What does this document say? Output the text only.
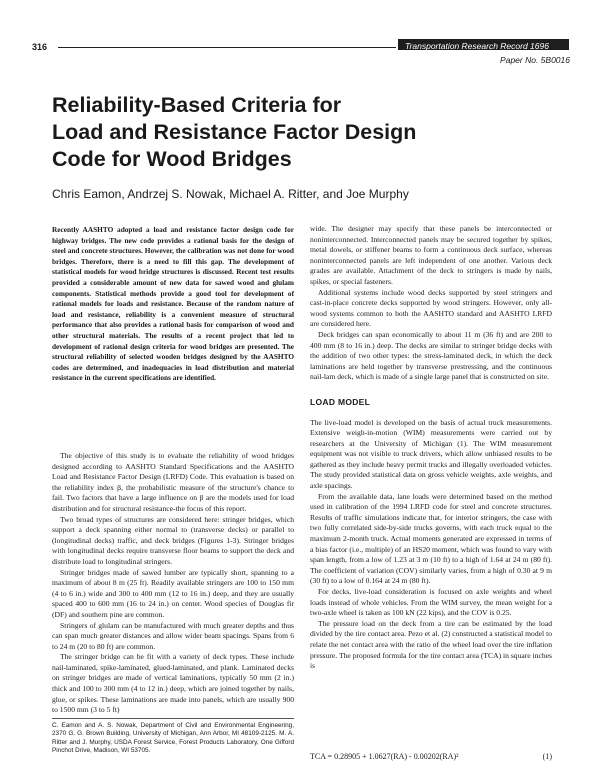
316	Transportation Research Record 1696
Paper No. 5B0016
Reliability-Based Criteria for
Load and Resistance Factor Design
Code for Wood Bridges
Chris Eamon, Andrzej S. Nowak, Michael A. Ritter, and Joe Murphy

Recently AASHTO adopted a load and resistance factor design code for highway bridges. The new code provides a rational basis for the design of steel and concrete structures. However, the calibration was not done for wood bridges. Therefore, there is a need to fill this gap. The development of statistical models for wood bridge structures is discussed. Recent test results provided a considerable amount of new data for sawed wood and glulam components. Statistical methods provide a good tool for development of rational models for loads and resistance. Because of the random nature of load and resistance, reliability is a convenient measure of structural performance that also provides a rational basis for comparison of wood and other structural materials. The results of a recent project that led to development of rational design criteria for wood bridges are presented. The structural reliability of selected wooden bridges designed by the AASHTO codes are determined, and inadequacies in load distribution and material resistance in the current specifications are identified.

The objective of this study is to evaluate the reliability of wood bridges designed according to AASHTO Standard Specifications and the AASHTO Load and Resistance Factor Design (LRFD) Code. This evaluation is based on the reliability index β, the probabilistic measure of the structure's chance to fail. Two factors that have a large influence on β are the models used for load distribution and for structural resistance-the focus of this report.

Two broad types of structures are considered here: stringer bridges, which support a deck spanning either normal to (transverse decks) or parallel to (longitudinal decks) traffic, and deck bridges (Figures 1-3). Stringer bridges with longitudinal decks require transverse floor beams to support the deck and distribute load to longitudinal stringers.

Stringer bridges made of sawed lumber are typically short, spanning to a maximum of about 8 m (25 ft). Readily available stringers are 100 to 150 mm (4 to 6 in.) wide and 300 to 400 mm (12 to 16 in.) deep, and they are usually spaced 400 to 600 mm (16 to 24 in.) on center. Wood species of Douglas fir (DF) and southern pine are common.

Stringers of glulam can be manufactured with much greater depths and thus can span much greater distances and allow wider beam spacings. Spans from 6 to 24 m (20 to 80 ft) are common.

The stringer bridge can be fit with a variety of deck types. These include nail-laminated, spike-laminated, glued-laminated, and plank. Laminated decks on stringer bridges are made of vertical laminations, typically 50 mm (2 in.) thick and 100 to 300 mm (4 to 12 in.) deep, which are joined together by nails, glue, or spikes. These laminations are made into panels, which are usually 900 to 1500 mm (3 to 5 ft)

wide. The designer may specify that these panels be interconnected or noninterconnected. Interconnected panels may be secured together by spikes, metal dowels, or stiffener beams to form a continuous deck surface, whereas noninterconnected panels are left independent of one another. Various deck grades are available. Attachment of the deck to stringers is made by nails, spikes, or special fasteners.

Additional systems include wood decks supported by steel stringers and cast-in-place concrete decks supported by wood stringers. However, only all-wood systems common to both the AASHTO standard and AASHTO LRFD are considered here.

Deck bridges can span economically to about 11 m (36 ft) and are 200 to 400 mm (8 to 16 in.) deep. The decks are similar to stringer bridge decks with the addition of two other types: the stress-laminated deck, in which the deck laminations are held together by transverse prestressing, and the continuous nail-lam deck, which is made of a single large panel that is constructed on site.

LOAD MODEL

The live-load model is developed on the basis of actual truck measurements. Extensive weigh-in-motion (WIM) measurements were carried out by researchers at the University of Michigan (1). The WIM measurement equipment was not visible to truck drivers, which allow unbiased results to be gathered as they include heavy permit trucks and illegally overloaded vehicles. The study provided statistical data on gross vehicle weights, axle weights, and axle spacings.

From the available data, lane loads were determined based on the method used in calibration of the 1994 LRFD code for steel and concrete structures. Results of traffic simulations indicate that, for interior stringers, the case with two fully correlated side-by-side trucks governs, with each truck equal to the maximum 2-month truck. Actual moments generated are expressed in terms of a bias factor (i.e., multiple) of an HS20 moment, which was found to vary with span length, from a low of 1.23 at 3 m (10 ft) to a high of 1.64 at 24 m (80 ft). The coefficient of variation (COV) similarly varies, from a high of 0.30 at 9 m (30 ft) to a low of 0.164 at 24 m (80 ft).

For decks, live-load consideration is focused on axle weights and wheel loads instead of whole vehicles. From the WIM survey, the mean weight for a two-axle wheel is taken as 100 kN (22 kips), and the COV is 0.25.

The pressure load on the deck from a tire can be estimated by the load divided by the tire contact area. Pezo et al. (2) constructed a statistical model to relate the net contact area with the ratio of the wheel load over the tire inflation pressure. The proposed formula for the tire contact area (TCA) in square inches is

C. Eamon and A. S. Nowak, Department of Civil and Environmental Engineering, 2370 G. G. Brown Building, University of Michigan, Ann Arbor, MI 48109-2125. M. A. Ritter and J. Murphy, USDA Forest Service, Forest Products Laboratory, One Gifford Pinchot Drive, Madison, WI 53705.
TCA = 0.28905 + 1.0627(RA) - 0.00202(RA)²	(1)
